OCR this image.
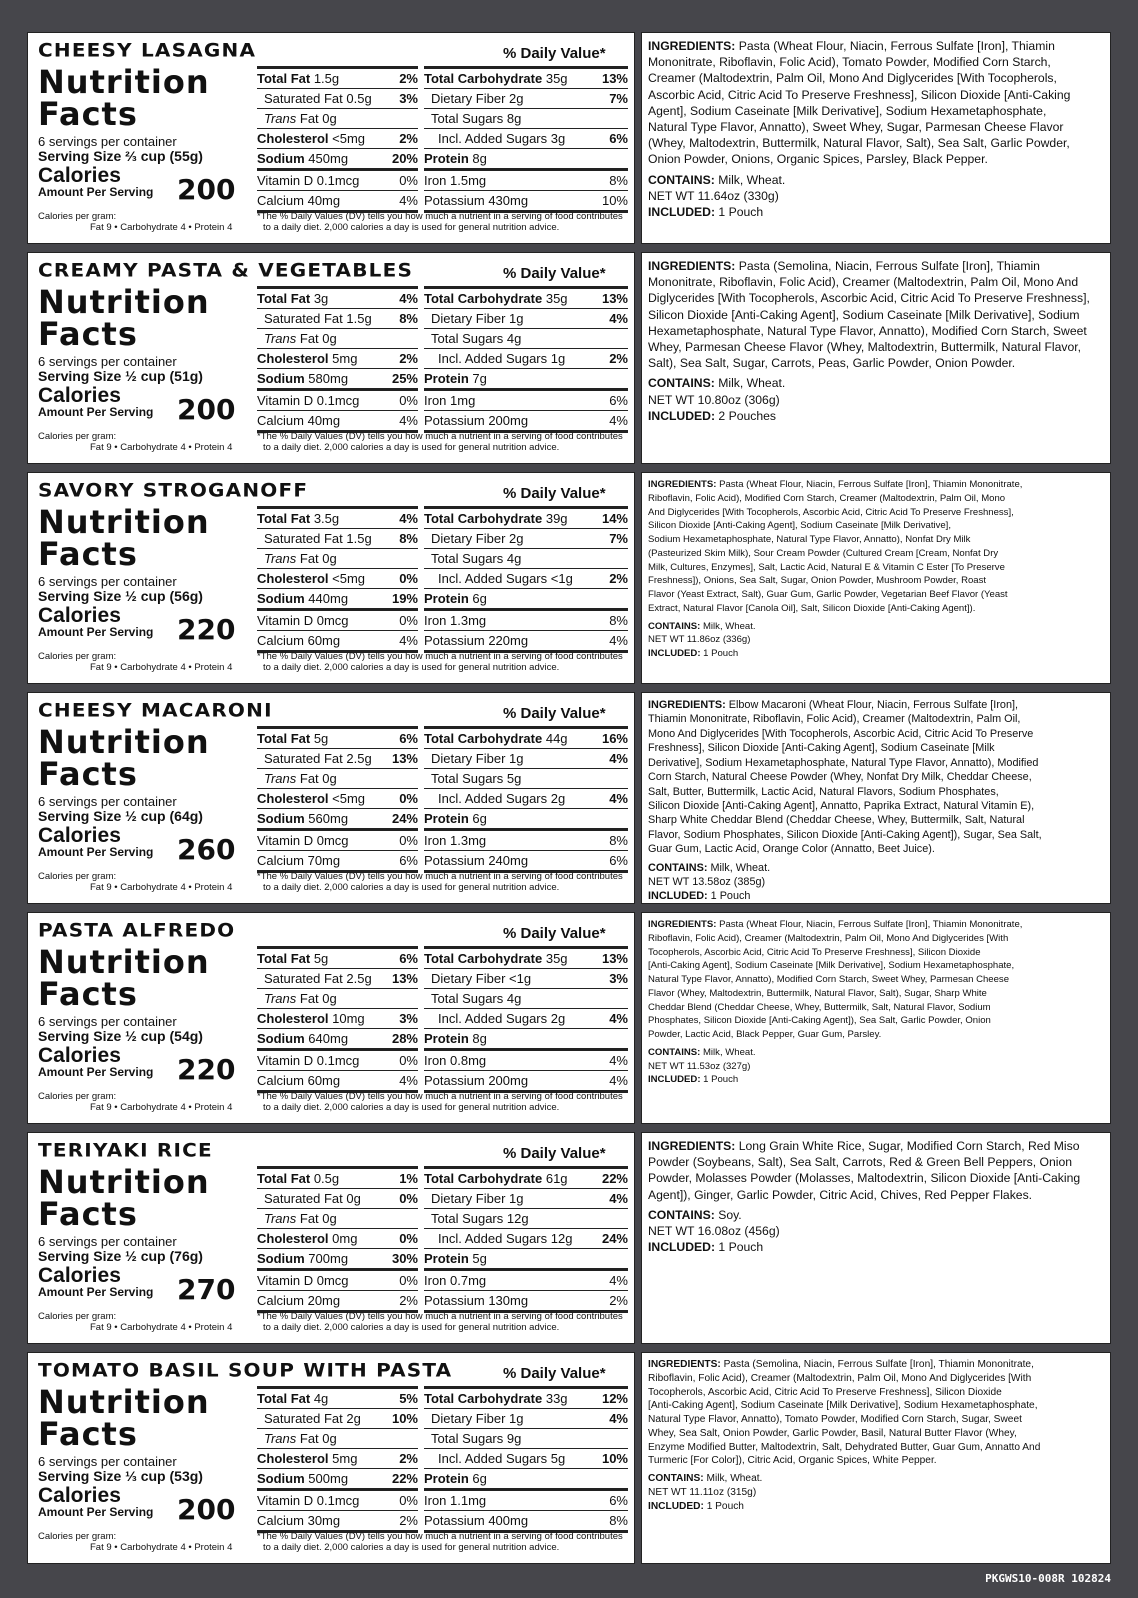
CHEESY LASAGNA	% Daily Value*
Nutrition
Facts
6 servings per container
Serving Size ⅔ cup (55g)
Calories
Amount Per Serving 200
Calories per gram:
Fat 9 • Carbohydrate 4 • Protein 4
Total Fat 1.5g	2%
Saturated Fat 0.5g 3%
Trans Fat 0g
Cholesterol <5mg	2%
Sodium 450mg	20%
Vitamin D 0.1mcg	0%
Calcium 40mg	4%
Total Carbohydrate 35g	13%
Dietary Fiber 2g	7%
Total Sugars 8g
Incl. Added Sugars 3g	6%
Protein 8g
Iron 1.5mg	8%
Potassium 430mg	10%
*The % Daily Values (DV) tells you how much a nutrient in a serving of food contributes
to a daily diet. 2,000 calories a day is used for general nutrition advice.

INGREDIENTS: Pasta (Wheat Flour, Niacin, Ferrous Sulfate [Iron], Thiamin
Mononitrate, Riboflavin, Folic Acid), Tomato Powder, Modified Corn Starch,
Creamer (Maltodextrin, Palm Oil, Mono And Diglycerides [With Tocopherols,
Ascorbic Acid, Citric Acid To Preserve Freshness], Silicon Dioxide [Anti-Caking
Agent], Sodium Caseinate [Milk Derivative], Sodium Hexametaphosphate,
Natural Type Flavor, Annatto), Sweet Whey, Sugar, Parmesan Cheese Flavor
(Whey, Maltodextrin, Buttermilk, Natural Flavor, Salt), Sea Salt, Garlic Powder,
Onion Powder, Onions, Organic Spices, Parsley, Black Pepper.

CONTAINS: Milk, Wheat.
NET WT 11.64oz (330g)
INCLUDED: 1 Pouch

CREAMY PASTA & VEGETABLES	% Daily Value*
Nutrition
Facts
6 servings per container
Serving Size ½ cup (51g)
Calories
Amount Per Serving 200
Calories per gram:
Fat 9 • Carbohydrate 4 • Protein 4
Total Fat 3g	4%
Saturated Fat 1.5g 8%
Trans Fat 0g
Cholesterol 5mg	2%
Sodium 580mg	25%
Vitamin D 0.1mcg	0%
Calcium 40mg	4%
Total Carbohydrate 35g	13%
Dietary Fiber 1g	4%
Total Sugars 4g
Incl. Added Sugars 1g	2%
Protein 7g
Iron 1mg	6%
Potassium 200mg	4%
*The % Daily Values (DV) tells you how much a nutrient in a serving of food contributes
to a daily diet. 2,000 calories a day is used for general nutrition advice.

INGREDIENTS: Pasta (Semolina, Niacin, Ferrous Sulfate [Iron], Thiamin
Mononitrate, Riboflavin, Folic Acid), Creamer (Maltodextrin, Palm Oil, Mono And
Diglycerides [With Tocopherols, Ascorbic Acid, Citric Acid To Preserve Freshness],
Silicon Dioxide [Anti-Caking Agent], Sodium Caseinate [Milk Derivative], Sodium
Hexametaphosphate, Natural Type Flavor, Annatto), Modified Corn Starch, Sweet
Whey, Parmesan Cheese Flavor (Whey, Maltodextrin, Buttermilk, Natural Flavor,
Salt), Sea Salt, Sugar, Carrots, Peas, Garlic Powder, Onion Powder.

CONTAINS: Milk, Wheat.
NET WT 10.80oz (306g)
INCLUDED: 2 Pouches

SAVORY STROGANOFF	% Daily Value*
Nutrition
Facts
6 servings per container
Serving Size ½ cup (56g)
Calories
Amount Per Serving 220
Calories per gram:
Fat 9 • Carbohydrate 4 • Protein 4
Total Fat 3.5g	4%
Saturated Fat 1.5g 8%
Trans Fat 0g
Cholesterol <5mg	0%
Sodium 440mg	19%
Vitamin D 0mcg	0%
Calcium 60mg	4%
Total Carbohydrate 39g	14%
Dietary Fiber 2g	7%
Total Sugars 4g
Incl. Added Sugars <1g	2%
Protein 6g
Iron 1.3mg	8%
Potassium 220mg	4%
*The % Daily Values (DV) tells you how much a nutrient in a serving of food contributes
to a daily diet. 2,000 calories a day is used for general nutrition advice.

INGREDIENTS: Pasta (Wheat Flour, Niacin, Ferrous Sulfate [Iron], Thiamin Mononitrate,
Riboflavin, Folic Acid), Modified Corn Starch, Creamer (Maltodextrin, Palm Oil, Mono
And Diglycerides [With Tocopherols, Ascorbic Acid, Citric Acid To Preserve Freshness],
Silicon Dioxide [Anti-Caking Agent], Sodium Caseinate [Milk Derivative],
Sodium Hexametaphosphate, Natural Type Flavor, Annatto), Nonfat Dry Milk
(Pasteurized Skim Milk), Sour Cream Powder (Cultured Cream [Cream, Nonfat Dry
Milk, Cultures, Enzymes], Salt, Lactic Acid, Natural E & Vitamin C Ester [To Preserve
Freshness]), Onions, Sea Salt, Sugar, Onion Powder, Mushroom Powder, Roast
Flavor (Yeast Extract, Salt), Guar Gum, Garlic Powder, Vegetarian Beef Flavor (Yeast
Extract, Natural Flavor [Canola Oil], Salt, Silicon Dioxide [Anti-Caking Agent]).

CONTAINS: Milk, Wheat.
NET WT 11.86oz (336g)
INCLUDED: 1 Pouch

CHEESY MACARONI	% Daily Value*
Nutrition
Facts
6 servings per container
Serving Size ½ cup (64g)
Calories
Amount Per Serving 260
Calories per gram:
Fat 9 • Carbohydrate 4 • Protein 4
Total Fat 5g	6%
Saturated Fat 2.5g 13%
Trans Fat 0g
Cholesterol <5mg	0%
Sodium 560mg	24%
Vitamin D 0mcg	0%
Calcium 70mg	6%
Total Carbohydrate 44g	16%
Dietary Fiber 1g	4%
Total Sugars 5g
Incl. Added Sugars 2g	4%
Protein 6g
Iron 1.3mg	8%
Potassium 240mg	6%
*The % Daily Values (DV) tells you how much a nutrient in a serving of food contributes
to a daily diet. 2,000 calories a day is used for general nutrition advice.

INGREDIENTS: Elbow Macaroni (Wheat Flour, Niacin, Ferrous Sulfate [Iron],
Thiamin Mononitrate, Riboflavin, Folic Acid), Creamer (Maltodextrin, Palm Oil,
Mono And Diglycerides [With Tocopherols, Ascorbic Acid, Citric Acid To Preserve
Freshness], Silicon Dioxide [Anti-Caking Agent], Sodium Caseinate [Milk
Derivative], Sodium Hexametaphosphate, Natural Type Flavor, Annatto), Modified
Corn Starch, Natural Cheese Powder (Whey, Nonfat Dry Milk, Cheddar Cheese,
Salt, Butter, Buttermilk, Lactic Acid, Natural Flavors, Sodium Phosphates,
Silicon Dioxide [Anti-Caking Agent], Annatto, Paprika Extract, Natural Vitamin E),
Sharp White Cheddar Blend (Cheddar Cheese, Whey, Buttermilk, Salt, Natural
Flavor, Sodium Phosphates, Silicon Dioxide [Anti-Caking Agent]), Sugar, Sea Salt,
Guar Gum, Lactic Acid, Orange Color (Annatto, Beet Juice).

CONTAINS: Milk, Wheat.
NET WT 13.58oz (385g)
INCLUDED: 1 Pouch

PASTA ALFREDO	% Daily Value*
Nutrition
Facts
6 servings per container
Serving Size ½ cup (54g)
Calories
Amount Per Serving 220
Calories per gram:
Fat 9 • Carbohydrate 4 • Protein 4
Total Fat 5g	6%
Saturated Fat 2.5g 13%
Trans Fat 0g
Cholesterol 10mg	3%
Sodium 640mg	28%
Vitamin D 0.1mcg	0%
Calcium 60mg	4%
Total Carbohydrate 35g	13%
Dietary Fiber <1g	3%
Total Sugars 4g
Incl. Added Sugars 2g	4%
Protein 8g
Iron 0.8mg	4%
Potassium 200mg	4%
*The % Daily Values (DV) tells you how much a nutrient in a serving of food contributes
to a daily diet. 2,000 calories a day is used for general nutrition advice.

INGREDIENTS: Pasta (Wheat Flour, Niacin, Ferrous Sulfate [Iron], Thiamin Mononitrate,
Riboflavin, Folic Acid), Creamer (Maltodextrin, Palm Oil, Mono And Diglycerides [With
Tocopherols, Ascorbic Acid, Citric Acid To Preserve Freshness], Silicon Dioxide
[Anti-Caking Agent], Sodium Caseinate [Milk Derivative], Sodium Hexametaphosphate,
Natural Type Flavor, Annatto), Modified Corn Starch, Sweet Whey, Parmesan Cheese
Flavor (Whey, Maltodextrin, Buttermilk, Natural Flavor, Salt), Sugar, Sharp White
Cheddar Blend (Cheddar Cheese, Whey, Buttermilk, Salt, Natural Flavor, Sodium
Phosphates, Silicon Dioxide [Anti-Caking Agent]), Sea Salt, Garlic Powder, Onion
Powder, Lactic Acid, Black Pepper, Guar Gum, Parsley.

CONTAINS: Milk, Wheat.
NET WT 11.53oz (327g)
INCLUDED: 1 Pouch

TERIYAKI RICE	% Daily Value*
Nutrition
Facts
6 servings per container
Serving Size ½ cup (76g)
Calories
Amount Per Serving 270
Calories per gram:
Fat 9 • Carbohydrate 4 • Protein 4
Total Fat 0.5g	1%
Saturated Fat 0g	0%
Trans Fat 0g
Cholesterol 0mg	0%
Sodium 700mg	30%
Vitamin D 0mcg	0%
Calcium 20mg	2%
Total Carbohydrate 61g	22%
Dietary Fiber 1g	4%
Total Sugars 12g
Incl. Added Sugars 12g 24%
Protein 5g
Iron 0.7mg	4%
Potassium 130mg	2%
*The % Daily Values (DV) tells you how much a nutrient in a serving of food contributes
to a daily diet. 2,000 calories a day is used for general nutrition advice.

INGREDIENTS: Long Grain White Rice, Sugar, Modified Corn Starch, Red Miso
Powder (Soybeans, Salt), Sea Salt, Carrots, Red & Green Bell Peppers, Onion
Powder, Molasses Powder (Molasses, Maltodextrin, Silicon Dioxide [Anti-Caking
Agent]), Ginger, Garlic Powder, Citric Acid, Chives, Red Pepper Flakes.

CONTAINS: Soy.
NET WT 16.08oz (456g)
INCLUDED: 1 Pouch

TOMATO BASIL SOUP WITH PASTA	% Daily Value*
Nutrition
Facts
6 servings per container
Serving Size ⅓ cup (53g)
Calories
Amount Per Serving 200
Calories per gram:
Fat 9 • Carbohydrate 4 • Protein 4
Total Fat 4g	5%
Saturated Fat 2g 10%
Trans Fat 0g
Cholesterol 5mg	2%
Sodium 500mg	22%
Vitamin D 0.1mcg	0%
Calcium 30mg	2%
Total Carbohydrate 33g	12%
Dietary Fiber 1g	4%
Total Sugars 9g
Incl. Added Sugars 5g	10%
Protein 6g
Iron 1.1mg	6%
Potassium 400mg	8%
*The % Daily Values (DV) tells you how much a nutrient in a serving of food contributes
to a daily diet. 2,000 calories a day is used for general nutrition advice.

INGREDIENTS: Pasta (Semolina, Niacin, Ferrous Sulfate [Iron], Thiamin Mononitrate,
Riboflavin, Folic Acid), Creamer (Maltodextrin, Palm Oil, Mono And Diglycerides [With
Tocopherols, Ascorbic Acid, Citric Acid To Preserve Freshness], Silicon Dioxide
[Anti-Caking Agent], Sodium Caseinate [Milk Derivative], Sodium Hexametaphosphate,
Natural Type Flavor, Annatto), Tomato Powder, Modified Corn Starch, Sugar, Sweet
Whey, Sea Salt, Onion Powder, Garlic Powder, Basil, Natural Butter Flavor (Whey,
Enzyme Modified Butter, Maltodextrin, Salt, Dehydrated Butter, Guar Gum, Annatto And
Turmeric [For Color]), Citric Acid, Organic Spices, White Pepper.

CONTAINS: Milk, Wheat.
NET WT 11.11oz (315g)
INCLUDED: 1 Pouch

PKGWS10-008R 102824
